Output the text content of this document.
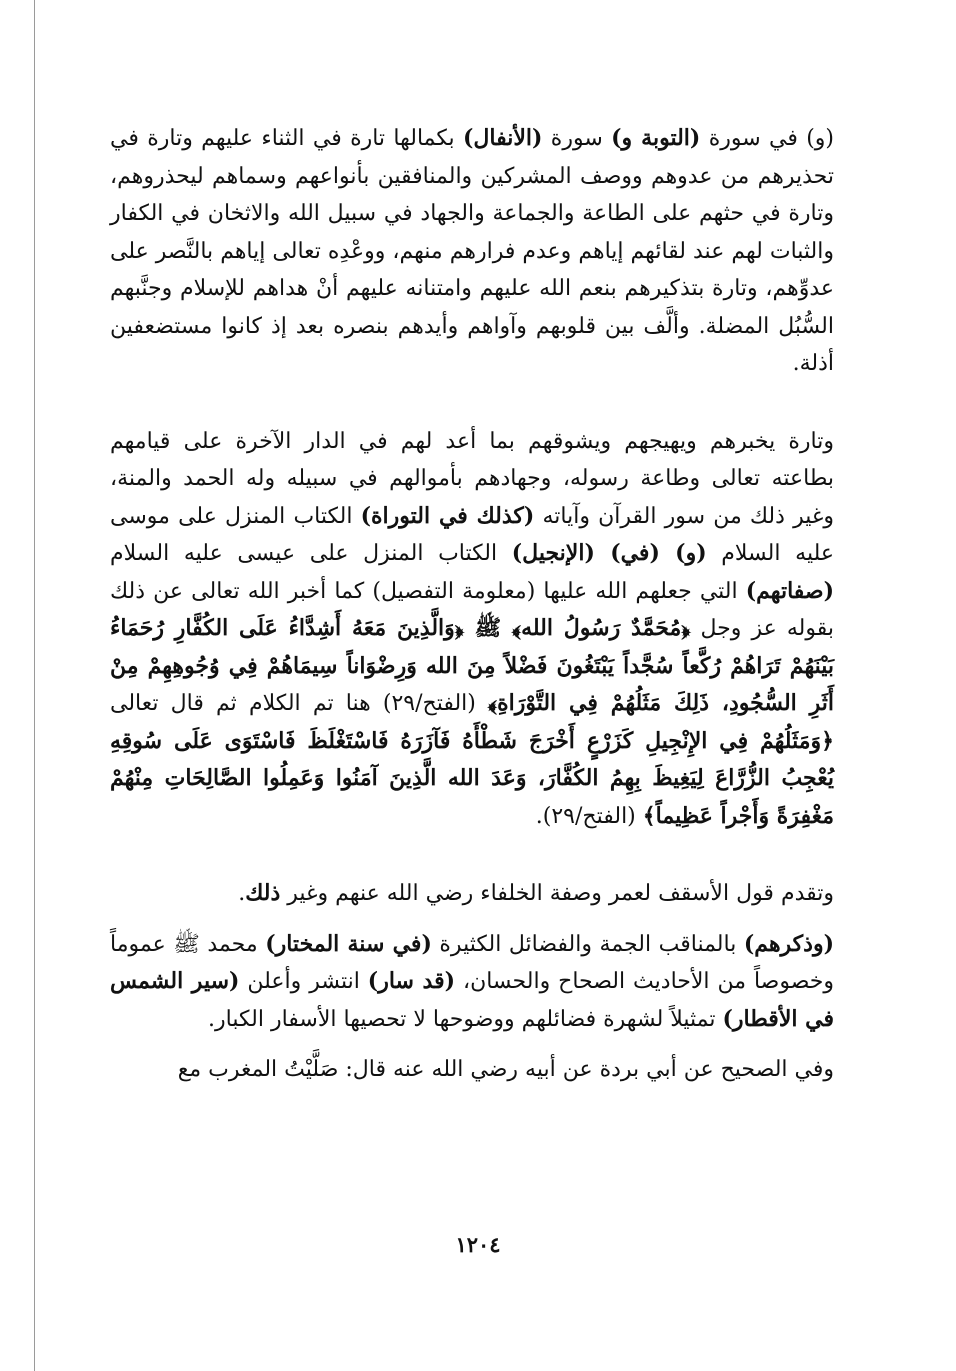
(و) في سورة (التوبة و) سورة (الأنفال) بكمالها تارة في الثناء عليهم وتارة في تحذيرهم من عدوهم ووصف المشركين والمنافقين بأنواعهم وسماهم ليحذروهم، وتارة في حثهم على الطاعة والجماعة والجهاد في سبيل الله والاثخان في الكفار والثبات لهم عند لقائهم إياهم وعدم فرارهم منهم، ووعْدِه تعالى إياهم بالنَّصر على عدوِّهم، وتارة بتذكيرهم بنعم الله عليهم وامتنانه عليهم أنْ هداهم للإسلام وجنَّبهم السُّبُل المضلة. وألَّف بين قلوبهم وآواهم وأيدهم بنصره بعد إذ كانوا مستضعفين أذلة.

وتارة يخبرهم ويهيجهم ويشوقهم بما أعد لهم في الدار الآخرة على قيامهم بطاعته تعالى وطاعة رسوله، وجهادهم بأموالهم في سبيله وله الحمد والمنة، وغير ذلك من سور القرآن وآياته (كذلك في التوراة) الكتاب المنزل على موسى عليه السلام (و) (في) (الإنجيل) الكتاب المنزل على عيسى عليه السلام (صفاتهم) التي جعلهم الله عليها (معلومة التفصيل) كما أخبر الله تعالى عن ذلك بقوله عز وجل ﴿مُحَمَّدٌ رَسُولُ الله﴾ ﷺ ﴿وَالَّذِينَ مَعَهُ أَشِدَّاءُ عَلَى الكُفَّارِ رُحَمَاءُ بَيْنَهُمْ تَرَاهُمْ رُكَّعاً سُجَّداً يَبْتَغُونَ فَضْلاً مِنَ الله وَرِضْوَاناً سِيمَاهُمْ فِي وُجُوهِهِمْ مِنْ أَثَرِ السُّجُودِ، ذَلِكَ مَثَلُهُمْ فِي التَّوْرَاةِ﴾ (الفتح/٢٩) هنا تم الكلام ثم قال تعالى ﴿وَمَثَلُهُمْ فِي الإِنْجِيلِ كَزَرْعٍ أَخْرَجَ شَطْأَهُ فَآزَرَهُ فَاسْتَغْلَظَ فَاسْتَوَى عَلَى سُوقِهِ يُعْجِبُ الزُّرَّاعَ لِيَغِيظَ بِهِمُ الكُفَّارَ، وَعَدَ الله الَّذِينَ آمَنُوا وَعَمِلُوا الصَّالِحَاتِ مِنْهُمْ مَغْفِرَةً وَأَجْراً عَظِيماً﴾ (الفتح/٢٩).

وتقدم قول الأسقف لعمر وصفة الخلفاء رضي الله عنهم وغير ذلك.

(وذكرهم) بالمناقب الجمة والفضائل الكثيرة (في سنة المختار) محمد ﷺ عموماً وخصوصاً من الأحاديث الصحاح والحسان، (قد سار) انتشر وأعلن (سير الشمس في الأقطار) تمثيلاً لشهرة فضائلهم ووضوحها لا تحصيها الأسفار الكبار.

وفي الصحيح عن أبي بردة عن أبيه رضي الله عنه قال: صَلَّيْتُ المغرب مع

١٢٠٤
